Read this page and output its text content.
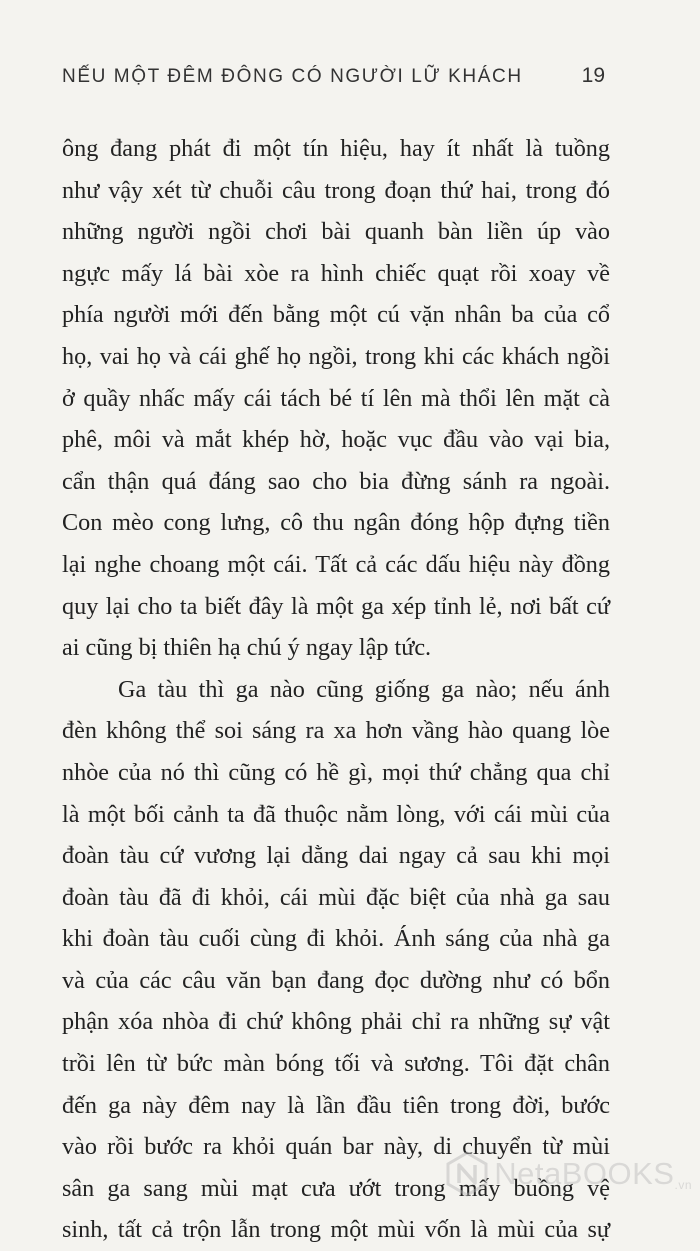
NẾU MỘT ĐÊM ĐÔNG CÓ NGƯỜI LỮ KHÁCH	19
ông đang phát đi một tín hiệu, hay ít nhất là tuồng
như vậy xét từ chuỗi câu trong đoạn thứ hai, trong đó
những người ngồi chơi bài quanh bàn liền úp vào
ngực mấy lá bài xòe ra hình chiếc quạt rồi xoay về
phía người mới đến bằng một cú vặn nhân ba của cổ
họ, vai họ và cái ghế họ ngồi, trong khi các khách ngồi
ở quầy nhấc mấy cái tách bé tí lên mà thổi lên mặt cà
phê, môi và mắt khép hờ, hoặc vục đầu vào vại bia,
cẩn thận quá đáng sao cho bia đừng sánh ra ngoài.
Con mèo cong lưng, cô thu ngân đóng hộp đựng tiền
lại nghe choang một cái. Tất cả các dấu hiệu này đồng
quy lại cho ta biết đây là một ga xép tỉnh lẻ, nơi bất cứ
ai cũng bị thiên hạ chú ý ngay lập tức.
Ga tàu thì ga nào cũng giống ga nào; nếu ánh
đèn không thể soi sáng ra xa hơn vầng hào quang lòe
nhòe của nó thì cũng có hề gì, mọi thứ chẳng qua chỉ
là một bối cảnh ta đã thuộc nằm lòng, với cái mùi của
đoàn tàu cứ vương lại dằng dai ngay cả sau khi mọi
đoàn tàu đã đi khỏi, cái mùi đặc biệt của nhà ga sau
khi đoàn tàu cuối cùng đi khỏi. Ánh sáng của nhà ga
và của các câu văn bạn đang đọc dường như có bổn
phận xóa nhòa đi chứ không phải chỉ ra những sự vật
trồi lên từ bức màn bóng tối và sương. Tôi đặt chân
đến ga này đêm nay là lần đầu tiên trong đời, bước
vào rồi bước ra khỏi quán bar này, di chuyển từ mùi
sân ga sang mùi mạt cưa ướt trong mấy buồng vệ
sinh, tất cả trộn lẫn trong một mùi vốn là mùi của sự
NetaBOOKS.vn
